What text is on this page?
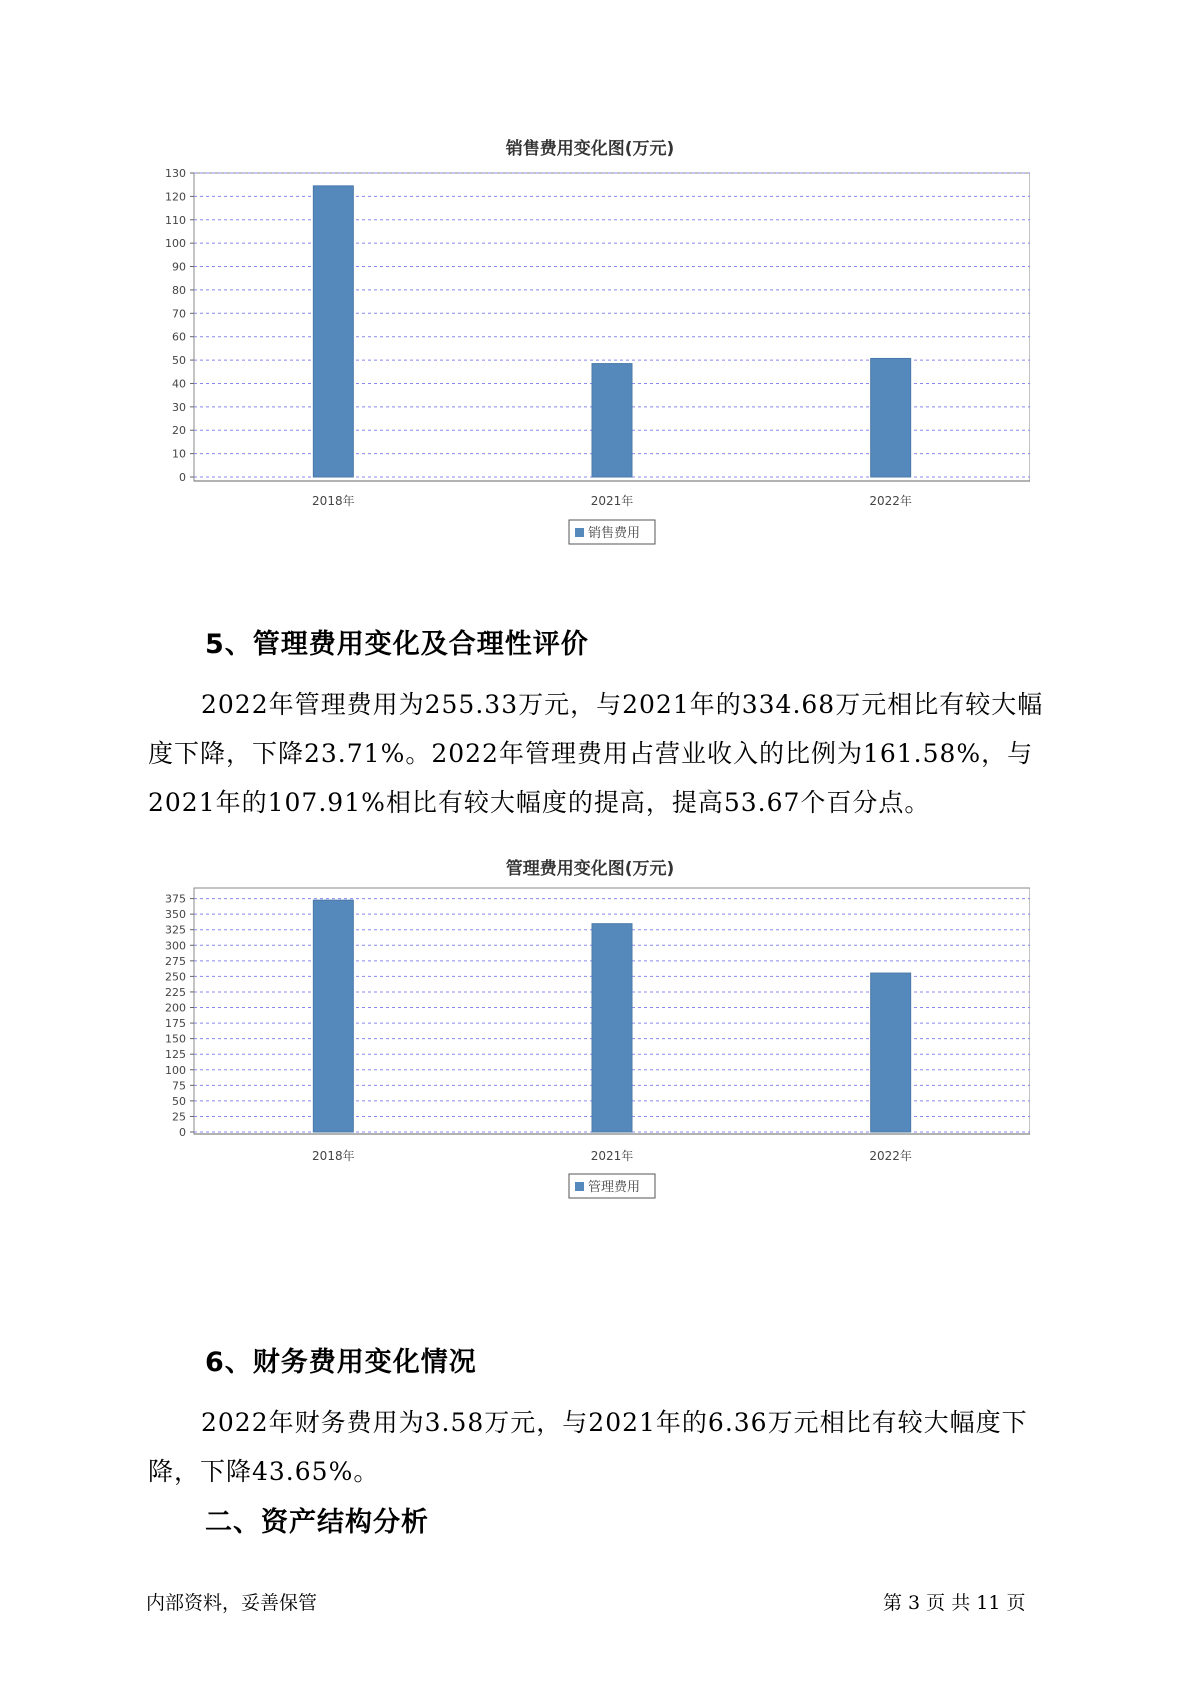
销售费用变化图(万元)
0
10
20
30
40
50
60
70
80
90
100
110
120
130
2018年	2021年	2022年
销售费用
5、管理费用变化及合理性评价
2022年管理费用为255.33万元，与2021年的334.68万元相比有较大幅度下降，下降23.71%。2022年管理费用占营业收入的比例为161.58%，与2021年的107.91%相比有较大幅度的提高，提高53.67个百分点。
管理费用变化图(万元)
0
25
50
75
100
125
150
175
200
225
250
275
300
325
350
375
2018年	2021年	2022年
管理费用
6、财务费用变化情况
2022年财务费用为3.58万元，与2021年的6.36万元相比有较大幅度下降，下降43.65%。
二、资产结构分析
内部资料，妥善保管	第 3 页 共 11 页
